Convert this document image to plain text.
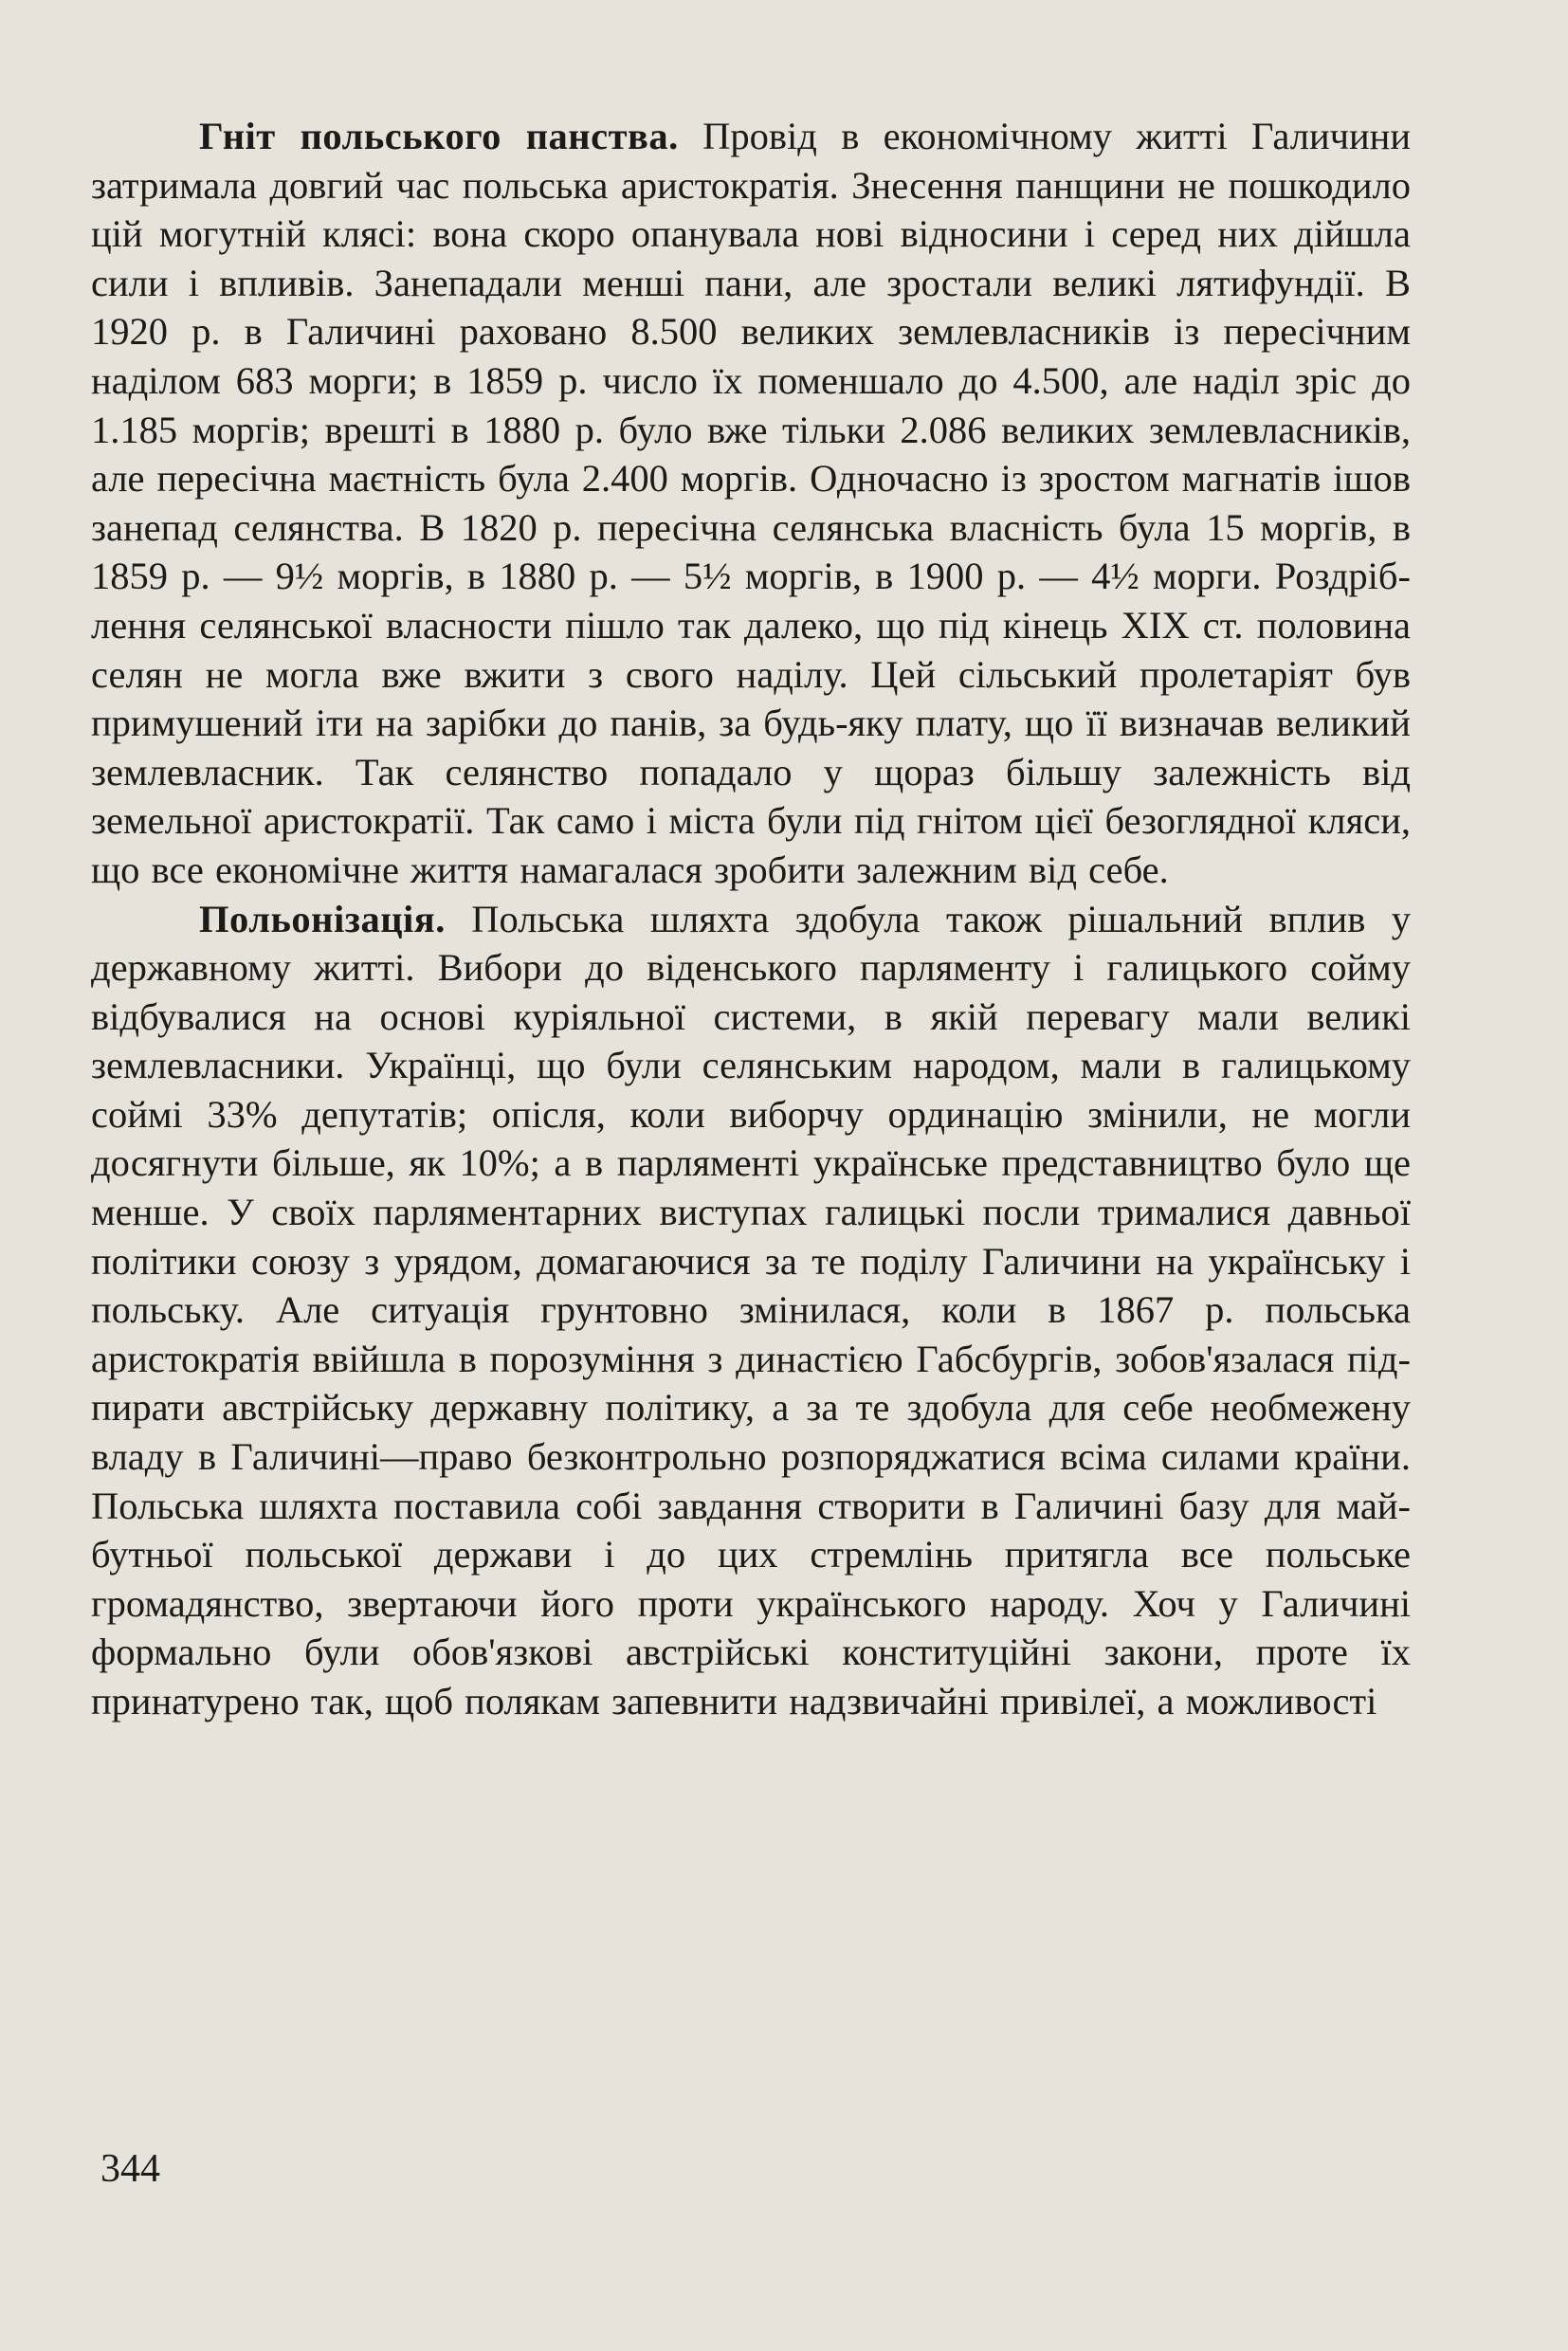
Гніт польського панства. Провід в економічному житті Галичини затримала довгий час польська аристократія. Знесення панщини не пошкодило цій могутній клясі: вона скоро опанувала нові відносини і серед них дійшла сили і впливів. Занепадали менші пани, але зростали великі лятифундії. В 1920 р. в Галичині раховано 8.500 великих землевласників із пересічним наділом 683 морги; в 1859 р. число їх поменшало до 4.500, але наділ зріс до 1.185 моргів; врешті в 1880 р. було вже тільки 2.086 великих землевласників, але пересічна маєтність була 2.400 моргів. Одночасно із зростом магнатів ішов занепад селянства. В 1820 р. пересічна селянська власність була 15 моргів, в 1859 р. — 9½ моргів, в 1880 р. — 5½ моргів, в 1900 р. — 4½ морги. Роздріблення селянської власности пішло так далеко, що під кінець XIX ст. половина селян не могла вже вжити з свого наділу. Цей сільський пролетаріят був примушений іти на зарібки до панів, за будь-яку плату, що її визначав великий землевласник. Так селянство попадало у щораз більшу залежність від земельної аристократії. Так само і міста були під гнітом цієї безоглядної кляси, що все економічне життя намагалася зробити залежним від себе.

Польонізація. Польська шляхта здобула також рішальний вплив у державному житті. Вибори до віденського парляменту і галицького сойму відбувалися на основі куріяльної системи, в якій перевагу мали великі землевласники. Українці, що були селянським народом, мали в галицькому соймі 33% депутатів; опісля, коли виборчу ординацію змінили, не могли досягнути більше, як 10%; а в парляменті українське представництво було ще менше. У своїх парляментарних виступах галицькі посли трималися давньої політики союзу з урядом, домагаючися за те поділу Галичини на українську і польську. Але ситуація грунтовно змінилася, коли в 1867 р. польська аристократія ввійшла в порозуміння з династією Габсбургів, зобов'язалася підпирати австрійську державну політику, а за те здобула для себе необмежену владу в Галичині—право безконтрольно розпоряджатися всіма силами країни. Польська шляхта поставила собі завдання створити в Галичині базу для майбутньої польської держави і до цих стремлінь притягла все польське громадянство, звертаючи його проти українського народу. Хоч у Галичині формально були обов'язкові австрійські конституційні закони, проте їх принатурено так, щоб полякам запевнити надзвичайні привілеї, а можливості

344
